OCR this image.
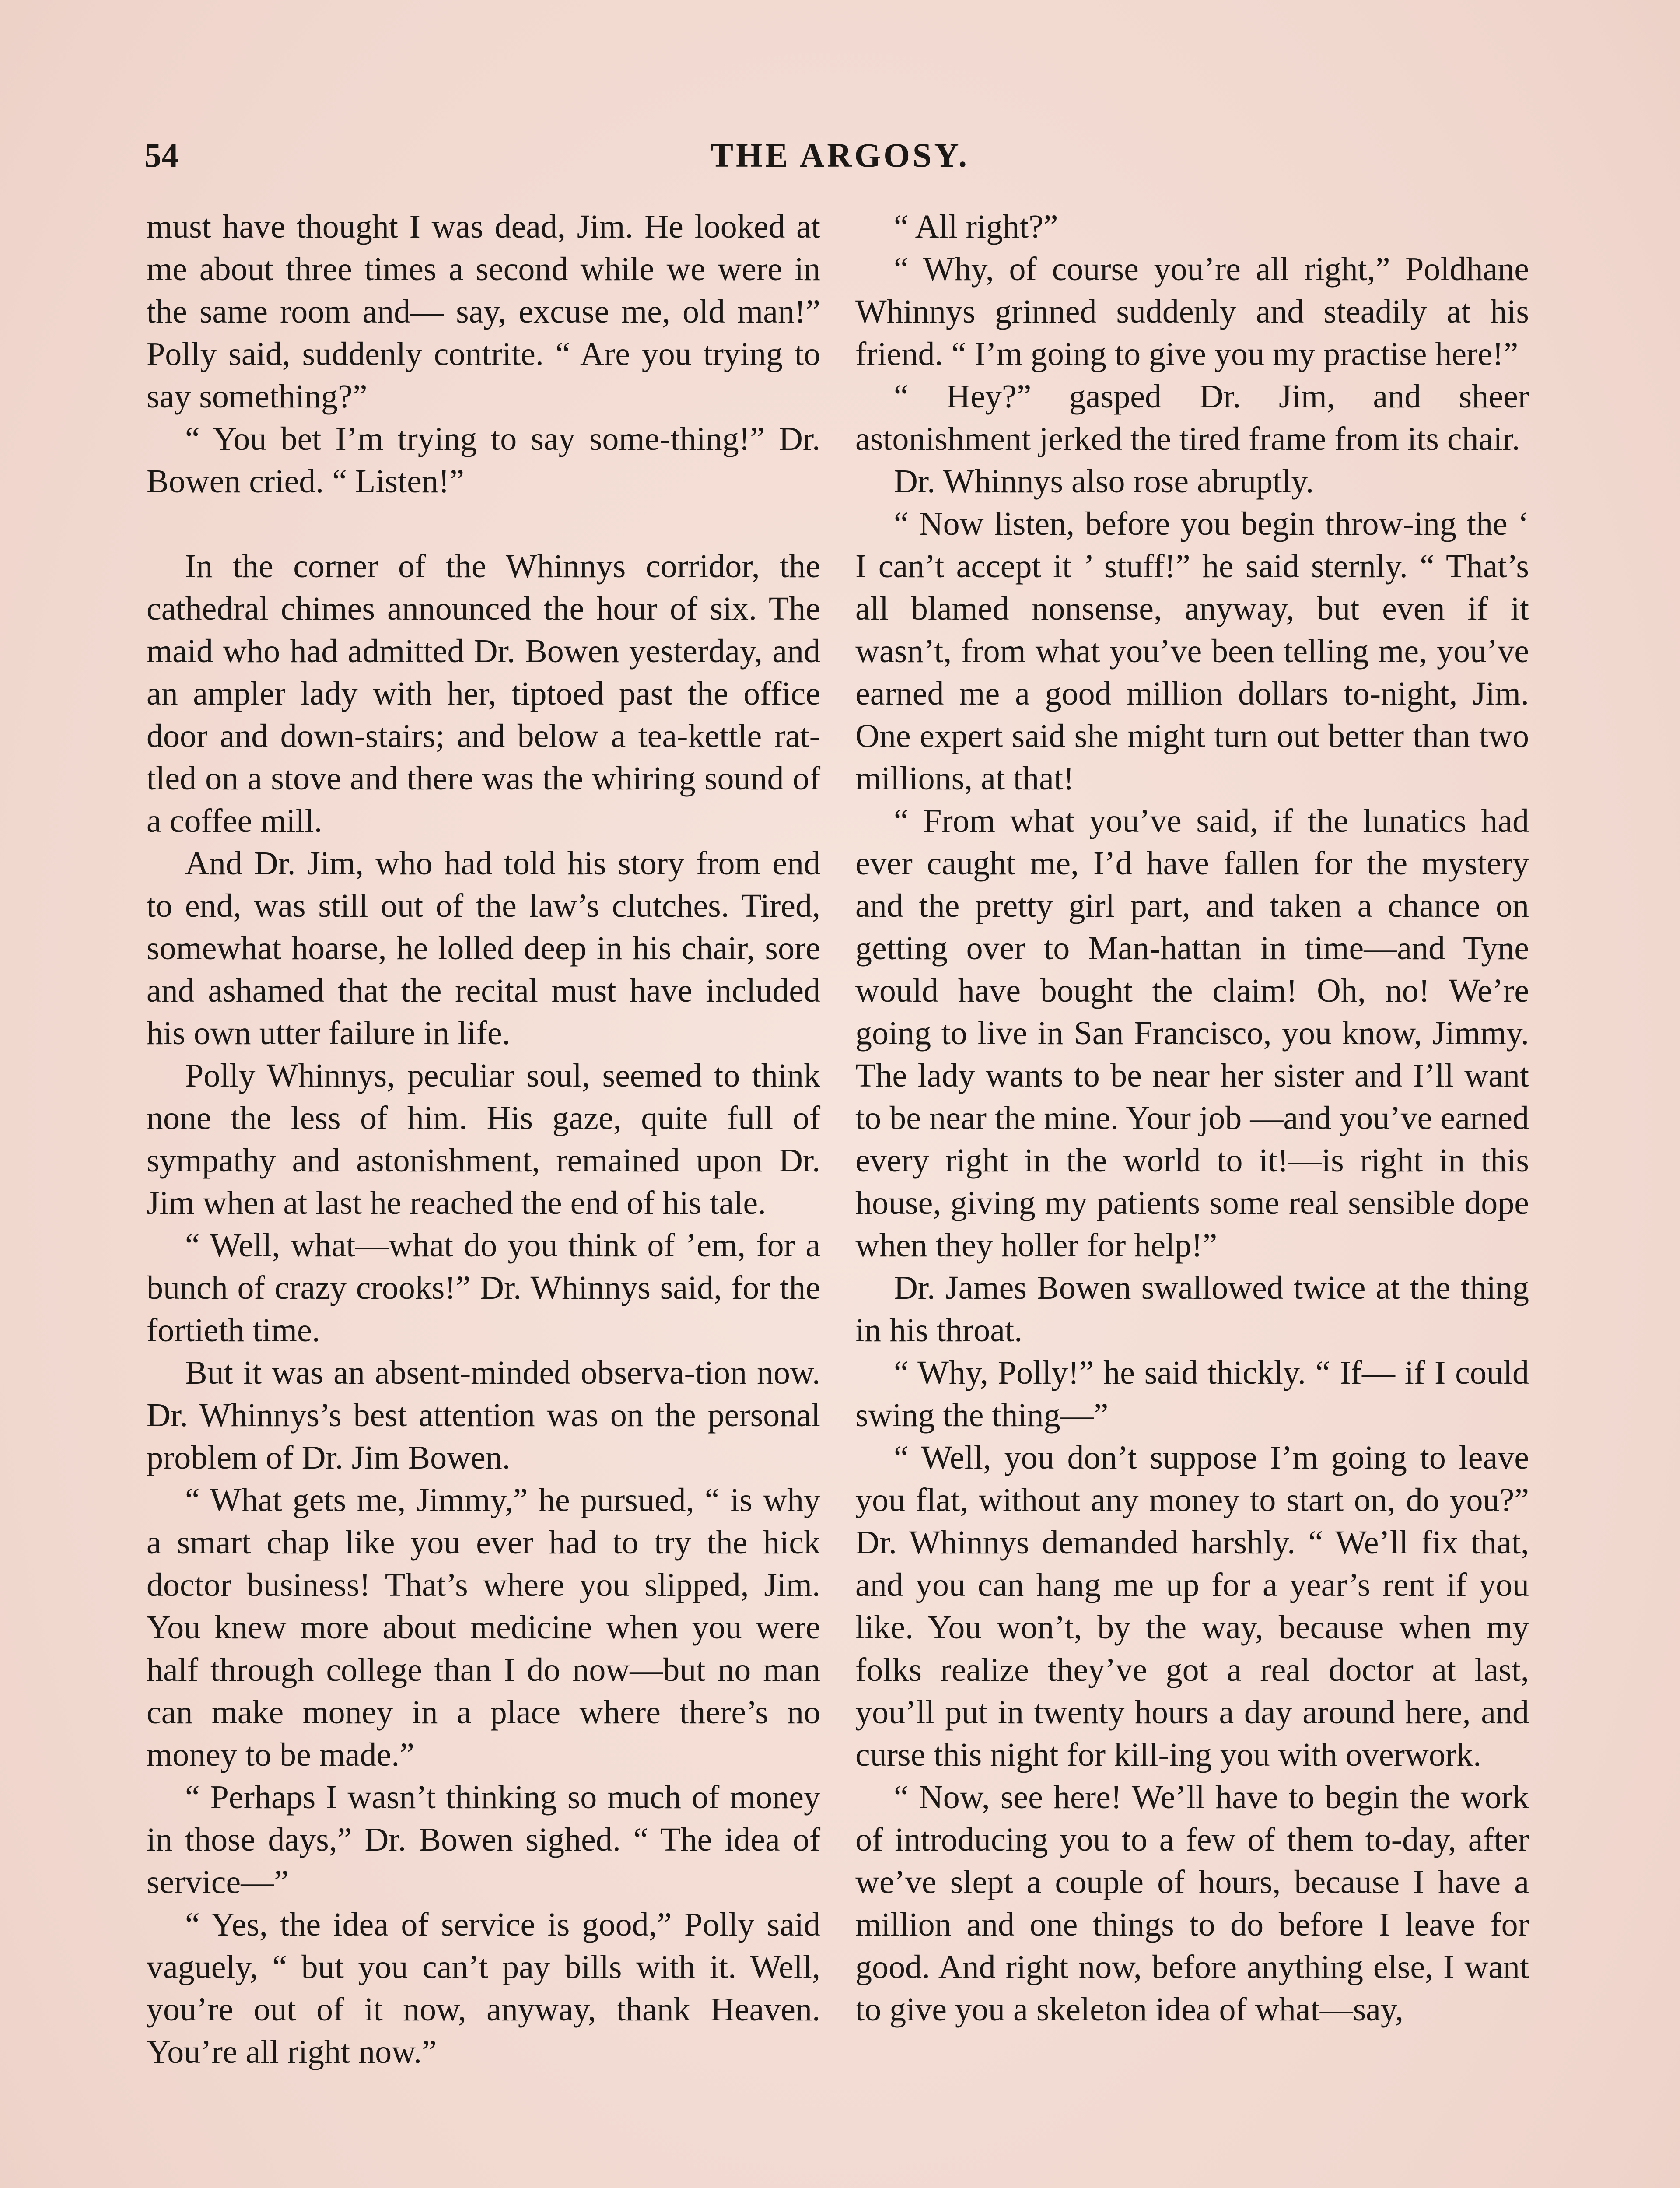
54	THE ARGOSY.

must have thought I was dead, Jim. He looked at me about three times a second while we were in the same room and— say, excuse me, old man!” Polly said, suddenly contrite. “ Are you trying to say something?”

“ You bet I’m trying to say some-thing!” Dr. Bowen cried. “ Listen!”

In the corner of the Whinnys corridor, the cathedral chimes announced the hour of six. The maid who had admitted Dr. Bowen yesterday, and an ampler lady with her, tiptoed past the office door and down-stairs; and below a tea-kettle rat-tled on a stove and there was the whiring sound of a coffee mill.

And Dr. Jim, who had told his story from end to end, was still out of the law’s clutches. Tired, somewhat hoarse, he lolled deep in his chair, sore and ashamed that the recital must have included his own utter failure in life.

Polly Whinnys, peculiar soul, seemed to think none the less of him. His gaze, quite full of sympathy and astonishment, remained upon Dr. Jim when at last he reached the end of his tale.

“ Well, what—what do you think of ’em, for a bunch of crazy crooks!” Dr. Whinnys said, for the fortieth time.

But it was an absent-minded observa-tion now. Dr. Whinnys’s best attention was on the personal problem of Dr. Jim Bowen.

“ What gets me, Jimmy,” he pursued, “ is why a smart chap like you ever had to try the hick doctor business! That’s where you slipped, Jim. You knew more about medicine when you were half through college than I do now—but no man can make money in a place where there’s no money to be made.”

“ Perhaps I wasn’t thinking so much of money in those days,” Dr. Bowen sighed. “ The idea of service—”

“ Yes, the idea of service is good,” Polly said vaguely, “ but you can’t pay bills with it. Well, you’re out of it now, anyway, thank Heaven. You’re all right now.”

“ All right?”

“ Why, of course you’re all right,” Poldhane Whinnys grinned suddenly and steadily at his friend. “ I’m going to give you my practise here!”

“ Hey?” gasped Dr. Jim, and sheer astonishment jerked the tired frame from its chair.

Dr. Whinnys also rose abruptly.

“ Now listen, before you begin throw-ing the ‘ I can’t accept it ’ stuff!” he said sternly. “ That’s all blamed nonsense, anyway, but even if it wasn’t, from what you’ve been telling me, you’ve earned me a good million dollars to-night, Jim. One expert said she might turn out better than two millions, at that!

“ From what you’ve said, if the lunatics had ever caught me, I’d have fallen for the mystery and the pretty girl part, and taken a chance on getting over to Man-hattan in time—and Tyne would have bought the claim! Oh, no! We’re going to live in San Francisco, you know, Jimmy. The lady wants to be near her sister and I’ll want to be near the mine. Your job —and you’ve earned every right in the world to it!—is right in this house, giving my patients some real sensible dope when they holler for help!”

Dr. James Bowen swallowed twice at the thing in his throat.

“ Why, Polly!” he said thickly. “ If— if I could swing the thing—”

“ Well, you don’t suppose I’m going to leave you flat, without any money to start on, do you?” Dr. Whinnys demanded harshly. “ We’ll fix that, and you can hang me up for a year’s rent if you like. You won’t, by the way, because when my folks realize they’ve got a real doctor at last, you’ll put in twenty hours a day around here, and curse this night for kill-ing you with overwork.

“ Now, see here! We’ll have to begin the work of introducing you to a few of them to-day, after we’ve slept a couple of hours, because I have a million and one things to do before I leave for good. And right now, before anything else, I want to give you a skeleton idea of what—say,
